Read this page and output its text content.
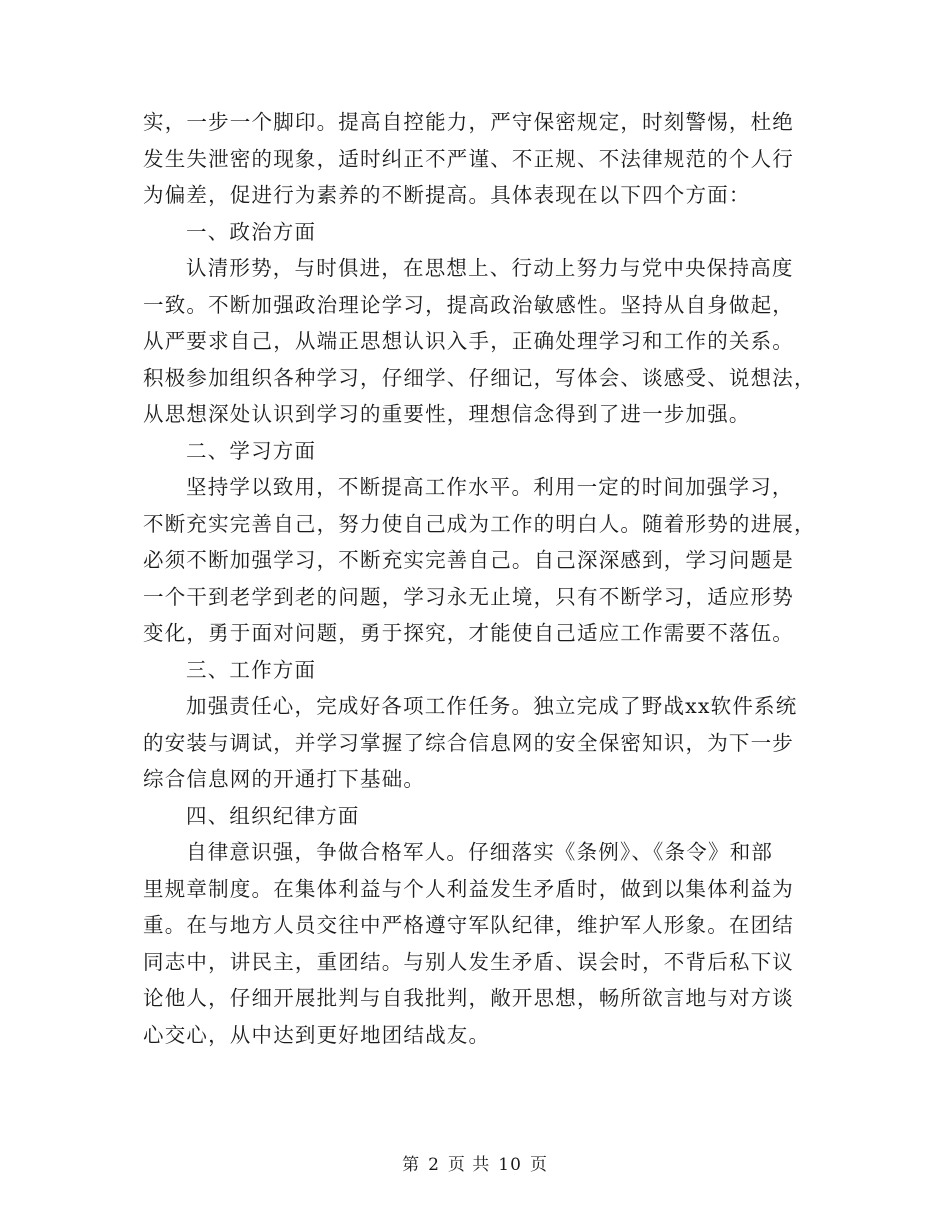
实，一步一个脚印。提高自控能力，严守保密规定，时刻警惕，杜绝
发生失泄密的现象，适时纠正不严谨、不正规、不法律规范的个人行
为偏差，促进行为素养的不断提高。具体表现在以下四个方面：
一、政治方面
认清形势，与时俱进，在思想上、行动上努力与党中央保持高度
一致。不断加强政治理论学习，提高政治敏感性。坚持从自身做起，
从严要求自己，从端正思想认识入手，正确处理学习和工作的关系。
积极参加组织各种学习，仔细学、仔细记，写体会、谈感受、说想法，
从思想深处认识到学习的重要性，理想信念得到了进一步加强。
二、学习方面
坚持学以致用，不断提高工作水平。利用一定的时间加强学习，
不断充实完善自己，努力使自己成为工作的明白人。随着形势的进展，
必须不断加强学习，不断充实完善自己。自己深深感到，学习问题是
一个干到老学到老的问题，学习永无止境，只有不断学习，适应形势
变化，勇于面对问题，勇于探究，才能使自己适应工作需要不落伍。
三、工作方面
加强责任心，完成好各项工作任务。独立完成了野战xx软件系统
的安装与调试，并学习掌握了综合信息网的安全保密知识，为下一步
综合信息网的开通打下基础。
四、组织纪律方面
自律意识强，争做合格军人。仔细落实《条例》、《条令》和部
里规章制度。在集体利益与个人利益发生矛盾时，做到以集体利益为
重。在与地方人员交往中严格遵守军队纪律，维护军人形象。在团结
同志中，讲民主，重团结。与别人发生矛盾、误会时，不背后私下议
论他人，仔细开展批判与自我批判，敞开思想，畅所欲言地与对方谈
心交心，从中达到更好地团结战友。
第 2 页 共 10 页
